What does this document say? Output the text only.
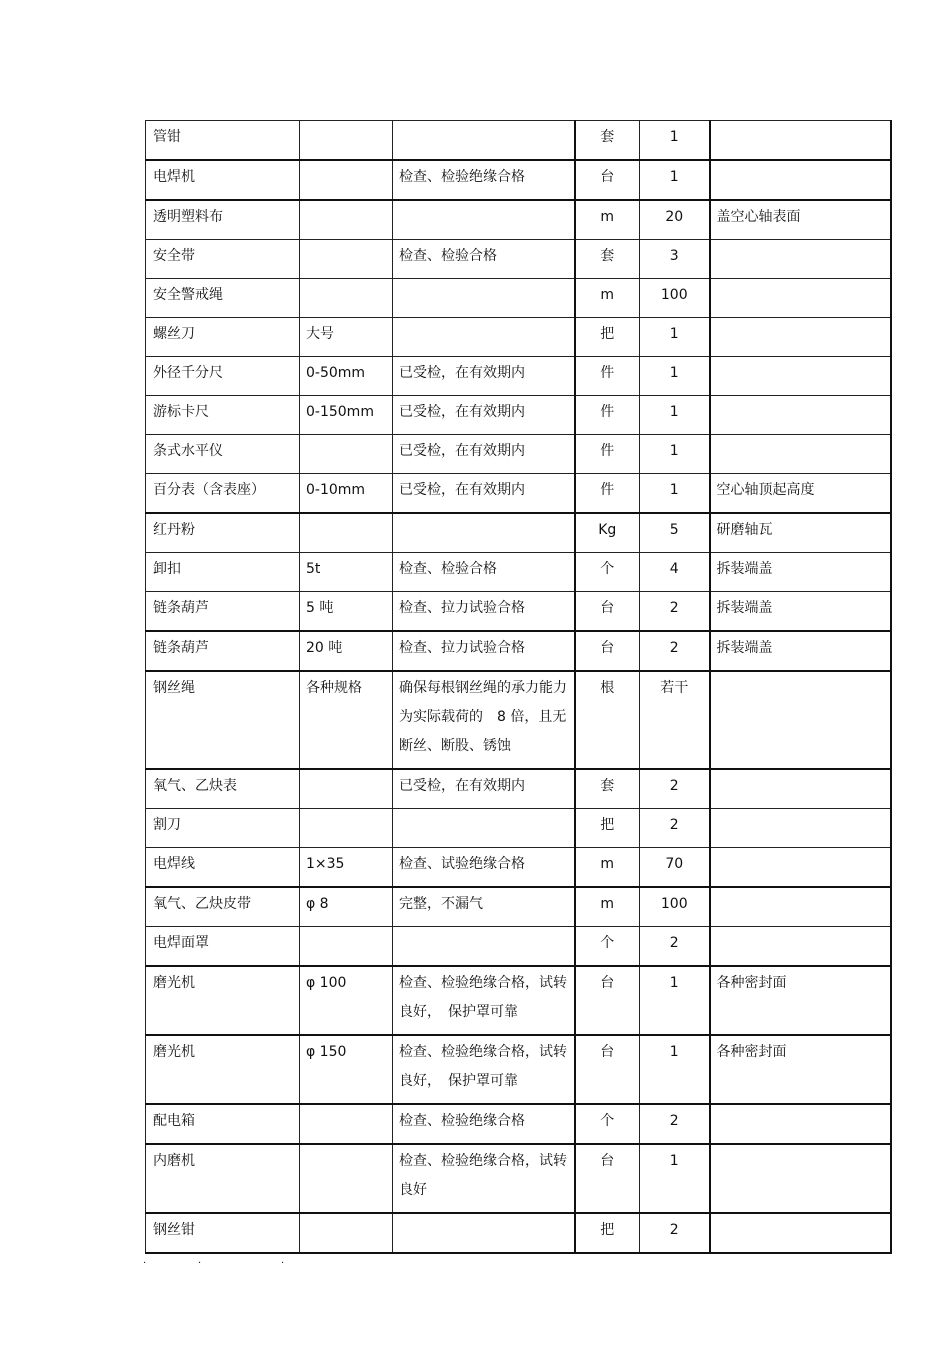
管钳			套	1	
电焊机		检查、检验绝缘合格	台	1	
透明塑料布			m	20	盖空心轴表面
安全带		检查、检验合格	套	3	
安全警戒绳			m	100	
螺丝刀	大号		把	1	
外径千分尺	0-50mm	已受检，在有效期内	件	1	
游标卡尺	0-150mm	已受检，在有效期内	件	1	
条式水平仪		已受检，在有效期内	件	1	
百分表（含表座）	0-10mm	已受检，在有效期内	件	1	空心轴顶起高度
红丹粉			Kg	5	研磨轴瓦
卸扣	5t	检查、检验合格	个	4	拆装端盖
链条葫芦	5 吨	检查、拉力试验合格	台	2	拆装端盖
链条葫芦	20 吨	检查、拉力试验合格	台	2	拆装端盖
钢丝绳	各种规格	确保每根钢丝绳的承力能力为实际载荷的　8 倍，且无断丝、断股、锈蚀	根	若干	
氧气、乙炔表		已受检，在有效期内	套	2	
割刀			把	2	
电焊线	1×35	检查、试验绝缘合格	m	70	
氧气、乙炔皮带	φ 8	完整，不漏气	m	100	
电焊面罩			个	2	
磨光机	φ 100	检查、检验绝缘合格，试转良好，　保护罩可靠	台	1	各种密封面
磨光机	φ 150	检查、检验绝缘合格，试转良好，　保护罩可靠	台	1	各种密封面
配电箱		检查、检验绝缘合格	个	2	
内磨机		检查、检验绝缘合格，试转良好	台	1	
钢丝钳			把	2	
.	.	.
